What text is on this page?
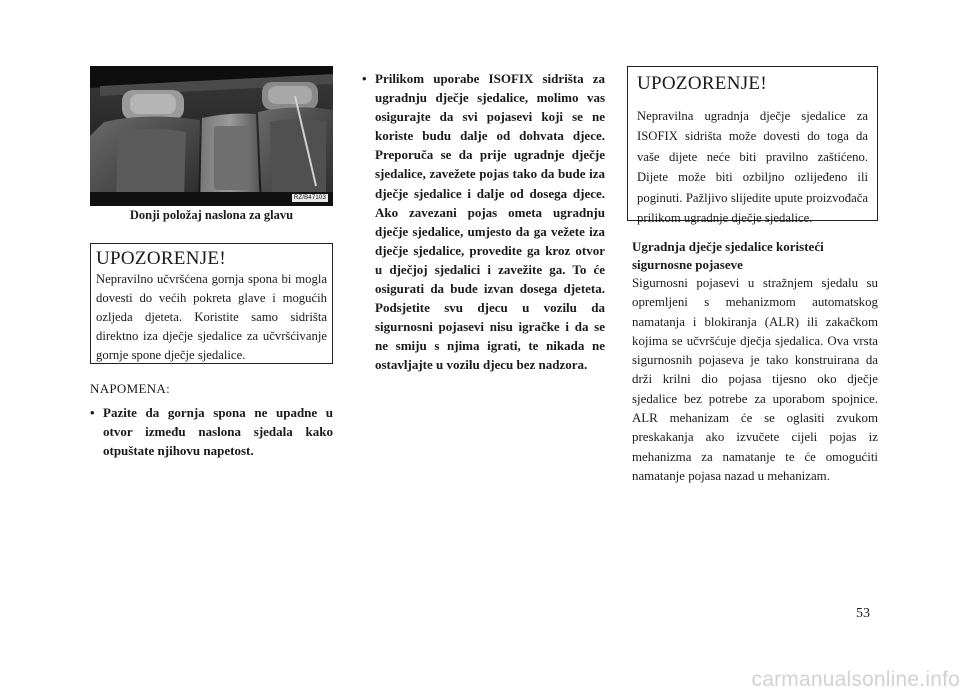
RZ/B47103
Donji položaj naslona za glavu
UPOZORENJE!

Nepravilno učvršćena gornja spona bi mogla dovesti do većih pokreta glave i mogućih ozljeda djeteta. Koristite samo sidrišta direktno iza dječje sjedalice za učvršćivanje gornje spone dječje sjedalice.

NAPOMENA:
• Pazite da gornja spona ne upadne u otvor između naslona sjedala kako otpuštate njihovu napetost.
• Prilikom uporabe ISOFIX sidrišta za ugradnju dječje sjedalice, molimo vas osigurajte da svi pojasevi koji se ne koriste budu dalje od dohvata djece. Preporuča se da prije ugradnje dječje sjedalice, zavežete pojas tako da bude iza dječje sjedalice i dalje od dosega djece. Ako zavezani pojas ometa ugradnju dječje sjedalice, umjesto da ga vežete iza dječje sjedalice, provedite ga kroz otvor u dječjoj sjedalici i zavežite ga. To će osigurati da bude izvan dosega djeteta. Podsjetite svu djecu u vozilu da sigurnosni pojasevi nisu igračke i da se ne smiju s njima igrati, te nikada ne ostavljajte u vozilu djecu bez nadzora.
UPOZORENJE!

Nepravilna ugradnja dječje sjedalice za ISOFIX sidrišta može dovesti do toga da vaše dijete neće biti pravilno zaštićeno. Dijete može biti ozbiljno ozlijeđeno ili poginuti. Pažljivo slijedite upute proizvođača prilikom ugradnje dječje sjedalice.

Ugradnja dječje sjedalice koristeći sigurnosne pojaseve
Sigurnosni pojasevi u stražnjem sjedalu su opremljeni s mehanizmom automatskog namatanja i blokiranja (ALR) ili zakačkom kojima se učvršćuje dječja sjedalica. Ova vrsta sigurnosnih pojaseva je tako konstruirana da drži krilni dio pojasa tijesno oko dječje sjedalice bez potrebe za uporabom spojnice. ALR mehanizam će se oglasiti zvukom preskakanja ako izvučete cijeli pojas iz mehanizma za namatanje te će omogućiti namatanje pojasa nazad u mehanizam.
53
carmanualsonline.info
